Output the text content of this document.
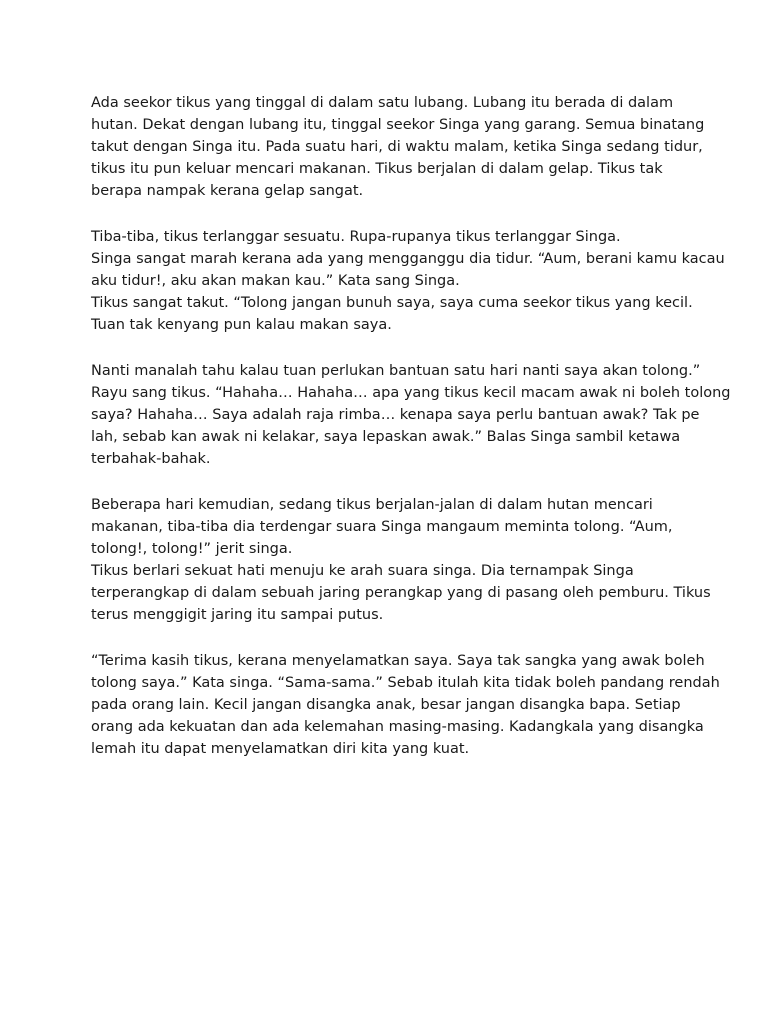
Ada seekor tikus yang tinggal di dalam satu lubang. Lubang itu berada di dalam
hutan. Dekat dengan lubang itu, tinggal seekor Singa yang garang. Semua binatang
takut dengan Singa itu. Pada suatu hari, di waktu malam, ketika Singa sedang tidur,
tikus itu pun keluar mencari makanan. Tikus berjalan di dalam gelap. Tikus tak
berapa nampak kerana gelap sangat.

Tiba-tiba, tikus terlanggar sesuatu. Rupa-rupanya tikus terlanggar Singa.
Singa sangat marah kerana ada yang mengganggu dia tidur. “Aum, berani kamu kacau
aku tidur!, aku akan makan kau.” Kata sang Singa.
Tikus sangat takut. “Tolong jangan bunuh saya, saya cuma seekor tikus yang kecil.
Tuan tak kenyang pun kalau makan saya.

Nanti manalah tahu kalau tuan perlukan bantuan satu hari nanti saya akan tolong.”
Rayu sang tikus. “Hahaha… Hahaha… apa yang tikus kecil macam awak ni boleh tolong
saya? Hahaha… Saya adalah raja rimba… kenapa saya perlu bantuan awak? Tak pe
lah, sebab kan awak ni kelakar, saya lepaskan awak.” Balas Singa sambil ketawa
terbahak-bahak.

Beberapa hari kemudian, sedang tikus berjalan-jalan di dalam hutan mencari
makanan, tiba-tiba dia terdengar suara Singa mangaum meminta tolong. “Aum,
tolong!, tolong!” jerit singa.
Tikus berlari sekuat hati menuju ke arah suara singa. Dia ternampak Singa
terperangkap di dalam sebuah jaring perangkap yang di pasang oleh pemburu. Tikus
terus menggigit jaring itu sampai putus.

“Terima kasih tikus, kerana menyelamatkan saya. Saya tak sangka yang awak boleh
tolong saya.” Kata singa. “Sama-sama.” Sebab itulah kita tidak boleh pandang rendah
pada orang lain. Kecil jangan disangka anak, besar jangan disangka bapa. Setiap
orang ada kekuatan dan ada kelemahan masing-masing. Kadangkala yang disangka
lemah itu dapat menyelamatkan diri kita yang kuat.
